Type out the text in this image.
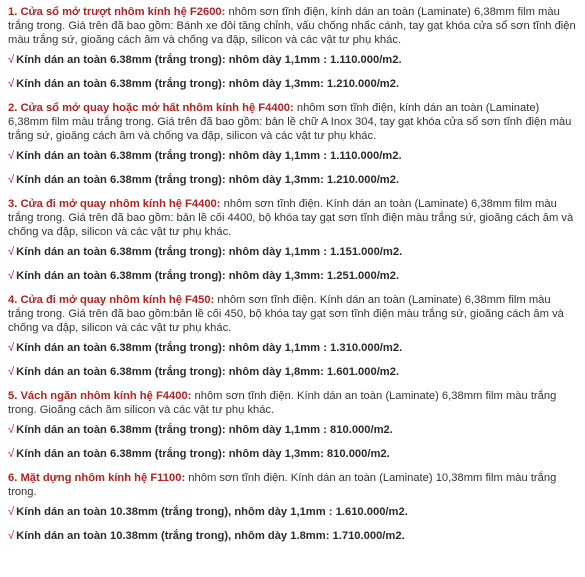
1. Cửa sổ mở trượt nhôm kính hệ F2600: nhôm sơn tĩnh điện, kính dán an toàn (Laminate) 6,38mm film màu trắng trong. Giá trên đã bao gồm: Bánh xe đôi tăng chỉnh, vấu chống nhấc cánh, tay gạt khóa cửa sổ sơn tĩnh điện màu trắng sứ, gioăng cách âm và chống va đập, silicon và các vật tư phụ khác.

√ Kính dán an toàn 6.38mm (trắng trong): nhôm dày 1,1mm : 1.110.000/m2.

√ Kính dán an toàn 6.38mm (trắng trong): nhôm dày 1,3mm: 1.210.000/m2.

2. Cửa sổ mở quay hoặc mở hất nhôm kính hệ F4400: nhôm sơn tĩnh điện, kính dán an toàn (Laminate) 6,38mm film màu trắng trong. Giá trên đã bao gồm: bản lề chữ A Inox 304, tay gạt khóa cửa sổ sơn tĩnh điện màu trắng sứ, gioăng cách âm và chống va đập, silicon và các vật tư phụ khác.

√ Kính dán an toàn 6.38mm (trắng trong): nhôm dày 1,1mm : 1.110.000/m2.

√ Kính dán an toàn 6.38mm (trắng trong): nhôm dày 1,3mm: 1.210.000/m2.

3. Cửa đi mở quay nhôm kính hệ F4400: nhôm sơn tĩnh điện. Kính dán an toàn (Laminate) 6,38mm film màu trắng trong. Giá trên đã bao gồm: bản lề cối 4400, bộ khóa tay gạt sơn tĩnh điện màu trắng sứ, gioăng cách âm và chống va đập, silicon và các vật tư phụ khác.

√ Kính dán an toàn 6.38mm (trắng trong): nhôm dày 1,1mm : 1.151.000/m2.

√ Kính dán an toàn 6.38mm (trắng trong): nhôm dày 1,3mm: 1.251.000/m2.

4. Cửa đi mở quay nhôm kính hệ F450: nhôm sơn tĩnh điện. Kính dán an toàn (Laminate) 6,38mm film màu trắng trong. Giá trên đã bao gồm:bản lề cối 450, bộ khóa tay gạt sơn tĩnh điện màu trắng sứ, gioăng cách âm và chống va đập, silicon và các vật tư phụ khác.

√ Kính dán an toàn 6.38mm (trắng trong): nhôm dày 1,1mm : 1.310.000/m2.

√ Kính dán an toàn 6.38mm (trắng trong): nhôm dày 1,8mm: 1.601.000/m2.

5. Vách ngăn nhôm kính hệ F4400: nhôm sơn tĩnh điện. Kính dán an toàn (Laminate) 6,38mm film màu trắng trong. Gioăng cách âm silicon và các vật tư phụ khác.

√ Kính dán an toàn 6.38mm (trắng trong): nhôm dày 1,1mm : 810.000/m2.

√ Kính dán an toàn 6.38mm (trắng trong): nhôm dày 1,3mm: 810.000/m2.

6. Mặt dựng nhôm kính hệ F1100: nhôm sơn tĩnh điện. Kính dán an toàn (Laminate) 10,38mm film màu trắng trong.

√ Kính dán an toàn 10.38mm (trắng trong), nhôm dày 1,1mm : 1.610.000/m2.

√ Kính dán an toàn 10.38mm (trắng trong), nhôm dày 1.8mm: 1.710.000/m2.
